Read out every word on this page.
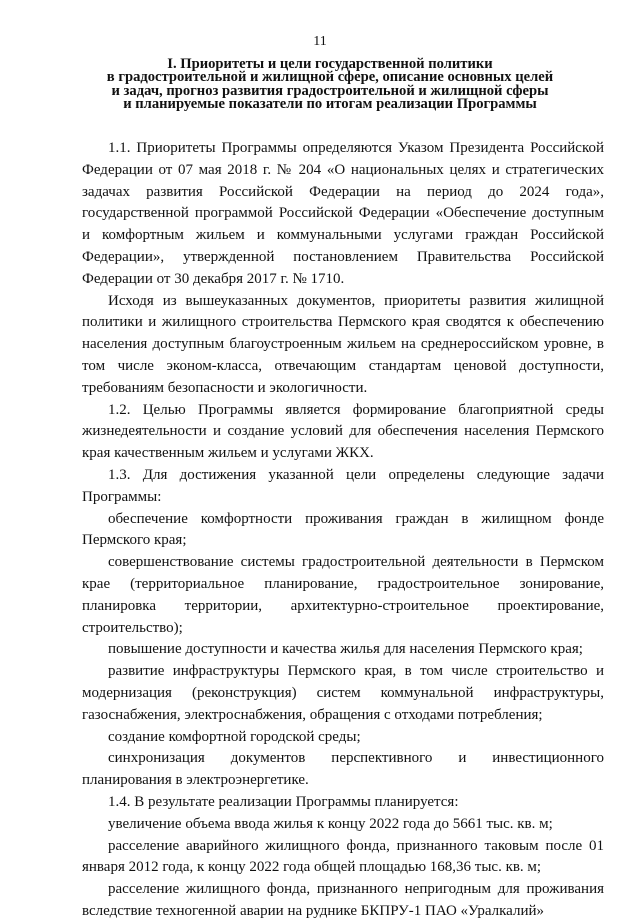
11
I. Приоритеты и цели государственной политики
в градостроительной и жилищной сфере, описание основных целей
и задач, прогноз развития градостроительной и жилищной сферы
и планируемые показатели по итогам реализации Программы

1.1. Приоритеты Программы определяются Указом Президента Российской Федерации от 07 мая 2018 г. № 204 «О национальных целях и стратегических задачах развития Российской Федерации на период до 2024 года», государственной программой Российской Федерации «Обеспечение доступным и комфортным жильем и коммунальными услугами граждан Российской Федерации», утвержденной постановлением Правительства Российской Федерации от 30 декабря 2017 г. № 1710.

Исходя из вышеуказанных документов, приоритеты развития жилищной политики и жилищного строительства Пермского края сводятся к обеспечению населения доступным благоустроенным жильем на среднероссийском уровне, в том числе эконом-класса, отвечающим стандартам ценовой доступности, требованиям безопасности и экологичности.

1.2. Целью Программы является формирование благоприятной среды жизнедеятельности и создание условий для обеспечения населения Пермского края качественным жильем и услугами ЖКХ.

1.3. Для достижения указанной цели определены следующие задачи Программы:

обеспечение комфортности проживания граждан в жилищном фонде Пермского края;

совершенствование системы градостроительной деятельности в Пермском крае (территориальное планирование, градостроительное зонирование, планировка территории, архитектурно-строительное проектирование, строительство);

повышение доступности и качества жилья для населения Пермского края;

развитие инфраструктуры Пермского края, в том числе строительство и модернизация (реконструкция) систем коммунальной инфраструктуры, газоснабжения, электроснабжения, обращения с отходами потребления;

создание комфортной городской среды;

синхронизация документов перспективного и инвестиционного планирования в электроэнергетике.

1.4. В результате реализации Программы планируется:

увеличение объема ввода жилья к концу 2022 года до 5661 тыс. кв. м;

расселение аварийного жилищного фонда, признанного таковым после 01 января 2012 года, к концу 2022 года общей площадью 168,36 тыс. кв. м;

расселение жилищного фонда, признанного непригодным для проживания вследствие техногенной аварии на руднике БКПРУ-1 ПАО «Уралкалий»
